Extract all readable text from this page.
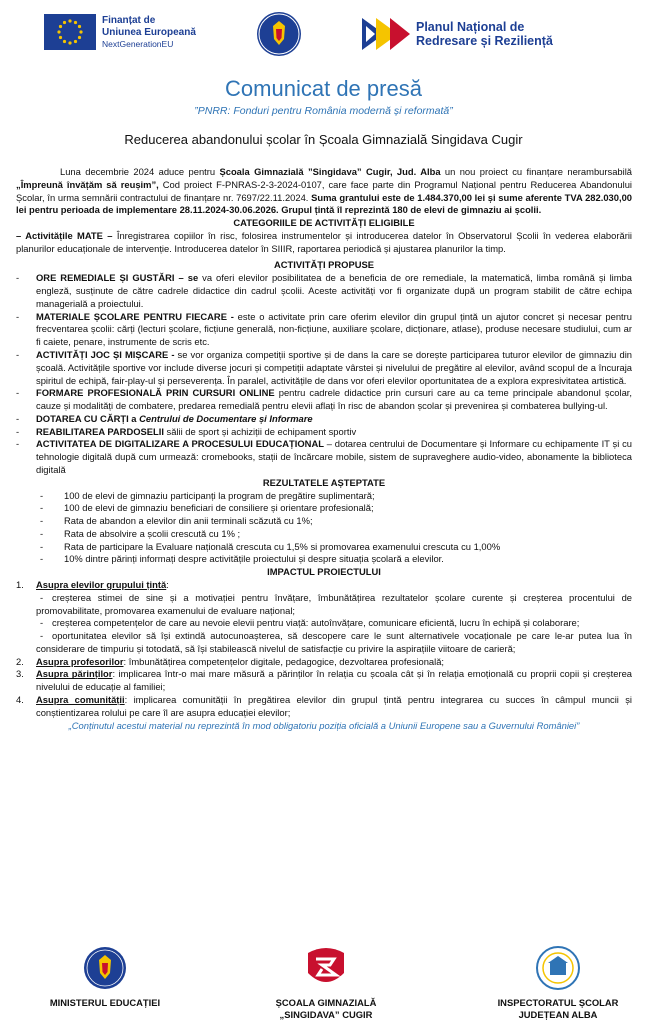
Finanțat de
Uniunea Europeană
NextGenerationEU
Planul Național de
Redresare și Reziliență
Comunicat de presă
”PNRR: Fonduri pentru România modernă și reformată”
Reducerea abandonului școlar în Școala Gimnazială Singidava Cugir

Luna decembrie 2024 aduce pentru Școala Gimnazială ”Singidava” Cugir, Jud. Alba un nou proiect cu finanțare nerambursabilă „Împreună învățăm să reușim”, Cod proiect F-PNRAS-2-3-2024-0107, care face parte din Programul Național pentru Reducerea Abandonului Școlar, în urma semnării contractului de finanțare nr. 7697/22.11.2024. Suma grantului este de 1.484.370,00 lei și sume aferente TVA 282.030,00 lei pentru perioada de implementare 28.11.2024-30.06.2026. Grupul țintă îl reprezintă 180 de elevi de gimnaziu ai școlii.

CATEGORIILE DE ACTIVITĂȚI ELIGIBILE

– Activitățile MATE – Înregistrarea copiilor în risc, folosirea instrumentelor și introducerea datelor în Observatorul Școlii în vederea elaborării planurilor educaționale de intervenție. Introducerea datelor în SIIIR, raportarea periodică și ajustarea planurilor la timp.

ACTIVITĂȚI PROPUSE

- ORE REMEDIALE ȘI GUSTĂRI – se va oferi elevilor posibilitatea de a beneficia de ore remediale, la matematică, limba română și limba engleză, susținute de către cadrele didactice din cadrul școlii. Aceste activități vor fi organizate după un program stabilit de către echipa managerială a proiectului.

- MATERIALE ȘCOLARE PENTRU FIECARE - este o activitate prin care oferim elevilor din grupul țintă un ajutor concret și necesar pentru frecventarea școlii: cărți (lecturi școlare, ficțiune generală, non-ficțiune, auxiliare școlare, dicționare, atlase), produse necesare studiului, cum ar fi caiete, penare, instrumente de scris etc.

- ACTIVITĂȚI JOC ȘI MIȘCARE - se vor organiza competiții sportive și de dans la care se dorește participarea tuturor elevilor de gimnaziu din școală. Activitățile sportive vor include diverse jocuri și competiții adaptate vârstei și nivelului de pregătire al elevilor, având scopul de a încuraja spiritul de echipă, fair-play-ul și perseverența. În paralel, activitățile de dans vor oferi elevilor oportunitatea de a explora expresivitatea artistică.

- FORMARE PROFESIONALĂ PRIN CURSURI ONLINE pentru cadrele didactice prin cursuri care au ca teme principale abandonul școlar, cauze și modalități de combatere, predarea remedială pentru elevii aflați în risc de abandon școlar și prevenirea și combaterea bullying-ul.

- DOTAREA CU CĂRȚI a Centrului de Documentare și Informare

- REABILITAREA PARDOSELII sălii de sport și achiziții de echipament sportiv

- ACTIVITATEA DE DIGITALIZARE A PROCESULUI EDUCAȚIONAL – dotarea centrului de Documentare și Informare cu echipamente IT și cu tehnologie digitală după cum urmează: cromebooks, stații de încărcare mobile, sistem de supraveghere audio-video, abonamente la biblioteca digitală

REZULTATELE AȘTEPTATE

- 100 de elevi de gimnaziu participanți la program de pregătire suplimentară;

- 100 de elevi de gimnaziu beneficiari de consiliere și orientare profesională;

- Rata de abandon a elevilor din anii terminali scăzută cu 1%;

- Rata de absolvire a școlii crescută cu 1% ;

- Rata de participare la Evaluare națională crescuta cu 1,5% si promovarea examenului crescuta cu 1,00%

- 10% dintre părinți informați despre activitățile proiectului și despre situația școlară a elevilor.

IMPACTUL PROIECTULUI

1. Asupra elevilor grupului țintă:

- creșterea stimei de sine și a motivației pentru învățare, îmbunătățirea rezultatelor școlare curente și creșterea procentului de promovabilitate, promovarea examenului de evaluare național;

- creșterea competențelor de care au nevoie elevii pentru viață: autoînvățare, comunicare eficientă, lucru în echipă și colaborare;

- oportunitatea elevilor să își extindă autocunoașterea, să descopere care le sunt alternativele vocaționale pe care le-ar putea lua în considerare de timpuriu și totodată, să își stabilească nivelul de satisfacție cu privire la aspirațiile viitoare de carieră;

2. Asupra profesorilor: îmbunătățirea competențelor digitale, pedagogice, dezvoltarea profesională;

3. Asupra părinților: implicarea într-o mai mare măsură a părinților în relația cu școala cât și în relația emoțională cu proprii copii și creșterea nivelului de educație al familiei;

4. Asupra comunității: implicarea comunității în pregătirea elevilor din grupul țintă pentru integrarea cu succes în câmpul muncii și conștientizarea rolului pe care îl are asupra educației elevilor;

„Conținutul acestui material nu reprezintă în mod obligatoriu poziția oficială a Uniunii Europene sau a Guvernului României”

MINISTERUL EDUCAȚIEI	ȘCOALA GIMNAZIALĂ
„SINGIDAVA” CUGIR
INSPECTORATUL ȘCOLAR
JUDEȚEAN ALBA
